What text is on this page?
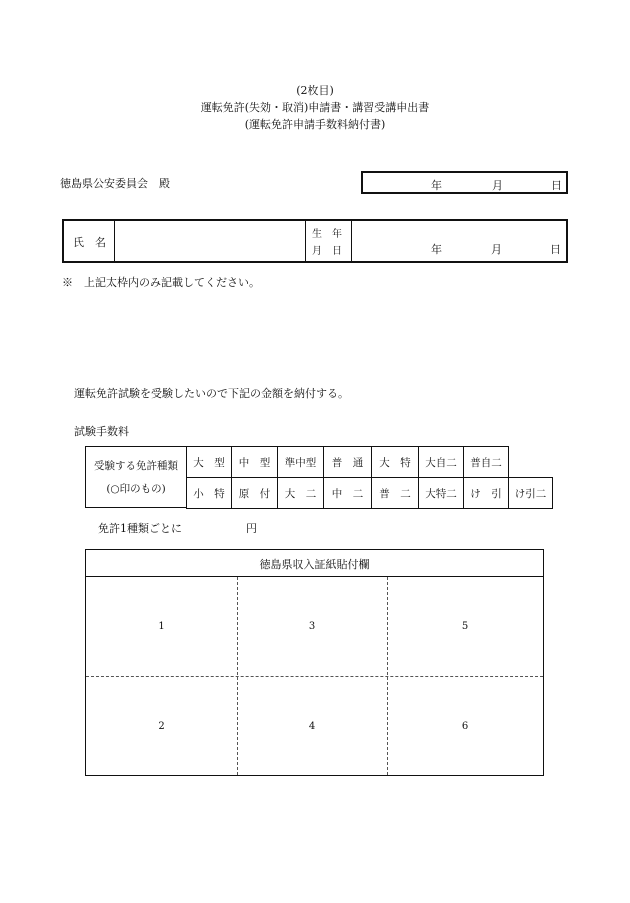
(2枚目)
運転免許(失効・取消)申請書・講習受講申出書
(運転免許申請手数料納付書)
徳島県公安委員会　殿	年	月	日
氏　名
生　年
月　日	年	月	日
※　上記太枠内のみ記載してください。
運転免許試験を受験したいので下記の金額を納付する。
試験手数料
受験する免許種類
(○印のもの)
大　型	中　型	準中型	普　通	大　特	大自二	普自二
小　特	原　付	大　二	中　二	普　二	大特二	け　引	け引二
免許1種類ごとに	円
徳島県収入証紙貼付欄
1	3	5
2	4	6
